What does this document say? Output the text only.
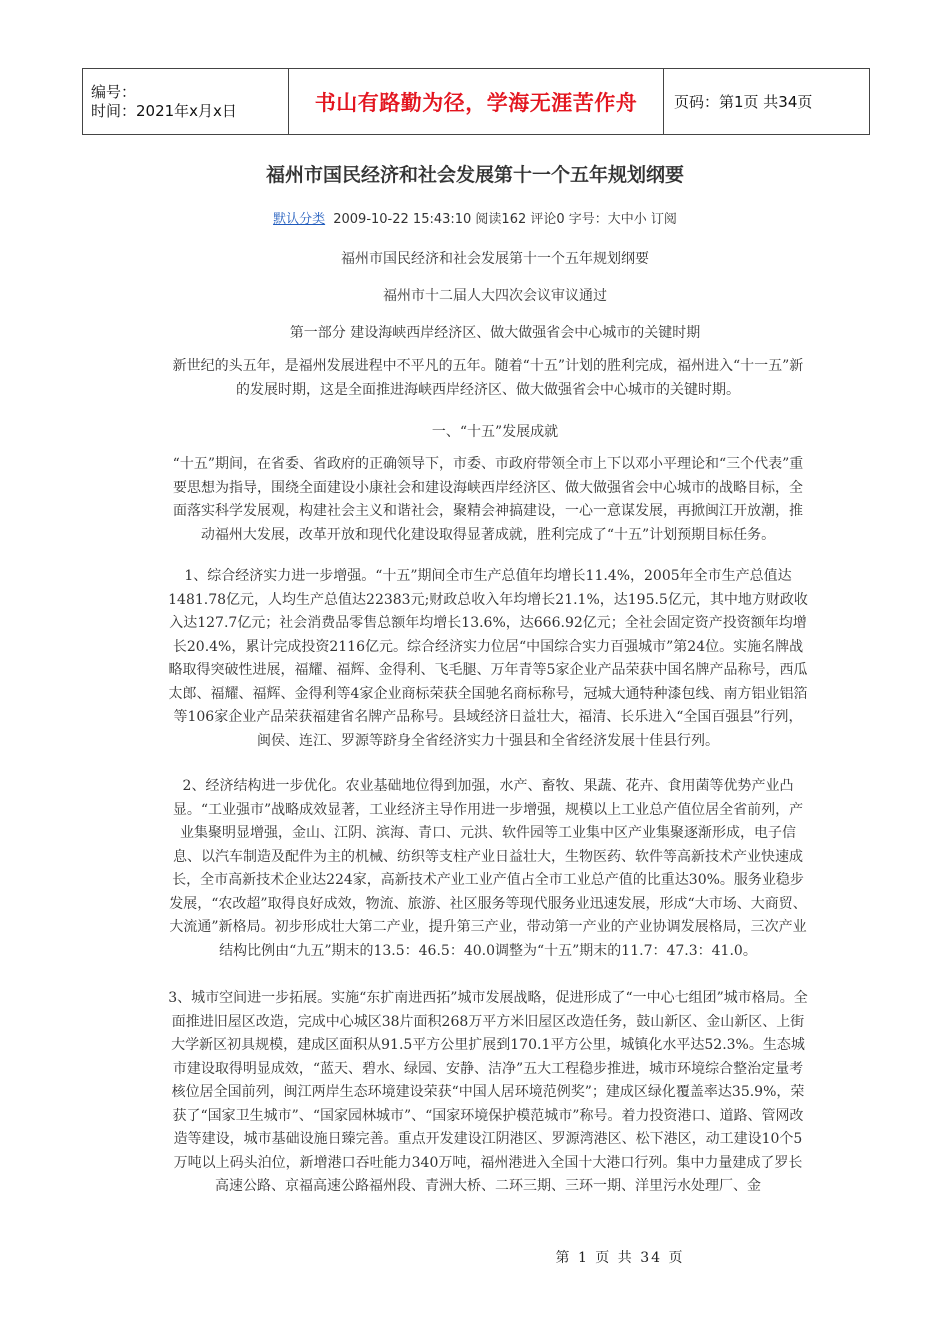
编号：
时间：2021年x月x日	书山有路勤为径，学海无涯苦作舟	页码：第1页 共34页
福州市国民经济和社会发展第十一个五年规划纲要
默认分类 2009-10-22 15:43:10 阅读162 评论0 字号：大中小 订阅
福州市国民经济和社会发展第十一个五年规划纲要
福州市十二届人大四次会议审议通过
第一部分 建设海峡西岸经济区、做大做强省会中心城市的关键时期

新世纪的头五年，是福州发展进程中不平凡的五年。随着“十五”计划的胜利完成，福州进入“十一五”新的发展时期，这是全面推进海峡西岸经济区、做大做强省会中心城市的关键时期。

一、“十五”发展成就

“十五”期间，在省委、省政府的正确领导下，市委、市政府带领全市上下以邓小平理论和“三个代表”重要思想为指导，围绕全面建设小康社会和建设海峡西岸经济区、做大做强省会中心城市的战略目标，全面落实科学发展观，构建社会主义和谐社会，聚精会神搞建设，一心一意谋发展，再掀闽江开放潮，推动福州大发展，改革开放和现代化建设取得显著成就，胜利完成了“十五”计划预期目标任务。

1、综合经济实力进一步增强。“十五”期间全市生产总值年均增长11.4%，2005年全市生产总值达1481.78亿元，人均生产总值达22383元;财政总收入年均增长21.1%，达195.5亿元，其中地方财政收入达127.7亿元；社会消费品零售总额年均增长13.6%，达666.92亿元；全社会固定资产投资额年均增长20.4%，累计完成投资2116亿元。综合经济实力位居“中国综合实力百强城市”第24位。实施名牌战略取得突破性进展，福耀、福辉、金得利、飞毛腿、万年青等5家企业产品荣获中国名牌产品称号，西瓜太郎、福耀、福辉、金得利等4家企业商标荣获全国驰名商标称号，冠城大通特种漆包线、南方铝业铝箔等106家企业产品荣获福建省名牌产品称号。县域经济日益壮大，福清、长乐进入“全国百强县”行列，闽侯、连江、罗源等跻身全省经济实力十强县和全省经济发展十佳县行列。

2、经济结构进一步优化。农业基础地位得到加强，水产、畜牧、果蔬、花卉、食用菌等优势产业凸显。“工业强市”战略成效显著，工业经济主导作用进一步增强，规模以上工业总产值位居全省前列，产业集聚明显增强，金山、江阴、滨海、青口、元洪、软件园等工业集中区产业集聚逐渐形成，电子信息、以汽车制造及配件为主的机械、纺织等支柱产业日益壮大，生物医药、软件等高新技术产业快速成长，全市高新技术企业达224家，高新技术产业工业产值占全市工业总产值的比重达30%。服务业稳步发展，“农改超”取得良好成效，物流、旅游、社区服务等现代服务业迅速发展，形成“大市场、大商贸、大流通”新格局。初步形成壮大第二产业，提升第三产业，带动第一产业的产业协调发展格局，三次产业结构比例由“九五”期末的13.5：46.5：40.0调整为“十五”期末的11.7：47.3：41.0。

3、城市空间进一步拓展。实施“东扩南进西拓”城市发展战略，促进形成了“一中心七组团”城市格局。全面推进旧屋区改造，完成中心城区38片面积268万平方米旧屋区改造任务，鼓山新区、金山新区、上街大学新区初具规模，建成区面积从91.5平方公里扩展到170.1平方公里，城镇化水平达52.3%。生态城市建设取得明显成效，“蓝天、碧水、绿园、安静、洁净”五大工程稳步推进，城市环境综合整治定量考核位居全国前列，闽江两岸生态环境建设荣获“中国人居环境范例奖”；建成区绿化覆盖率达35.9%，荣获了“国家卫生城市”、“国家园林城市”、“国家环境保护模范城市”称号。着力投资港口、道路、管网改造等建设，城市基础设施日臻完善。重点开发建设江阴港区、罗源湾港区、松下港区，动工建设10个5万吨以上码头泊位，新增港口吞吐能力340万吨，福州港进入全国十大港口行列。集中力量建成了罗长高速公路、京福高速公路福州段、青洲大桥、二环三期、三环一期、洋里污水处理厂、金

第 1 页 共 34 页
